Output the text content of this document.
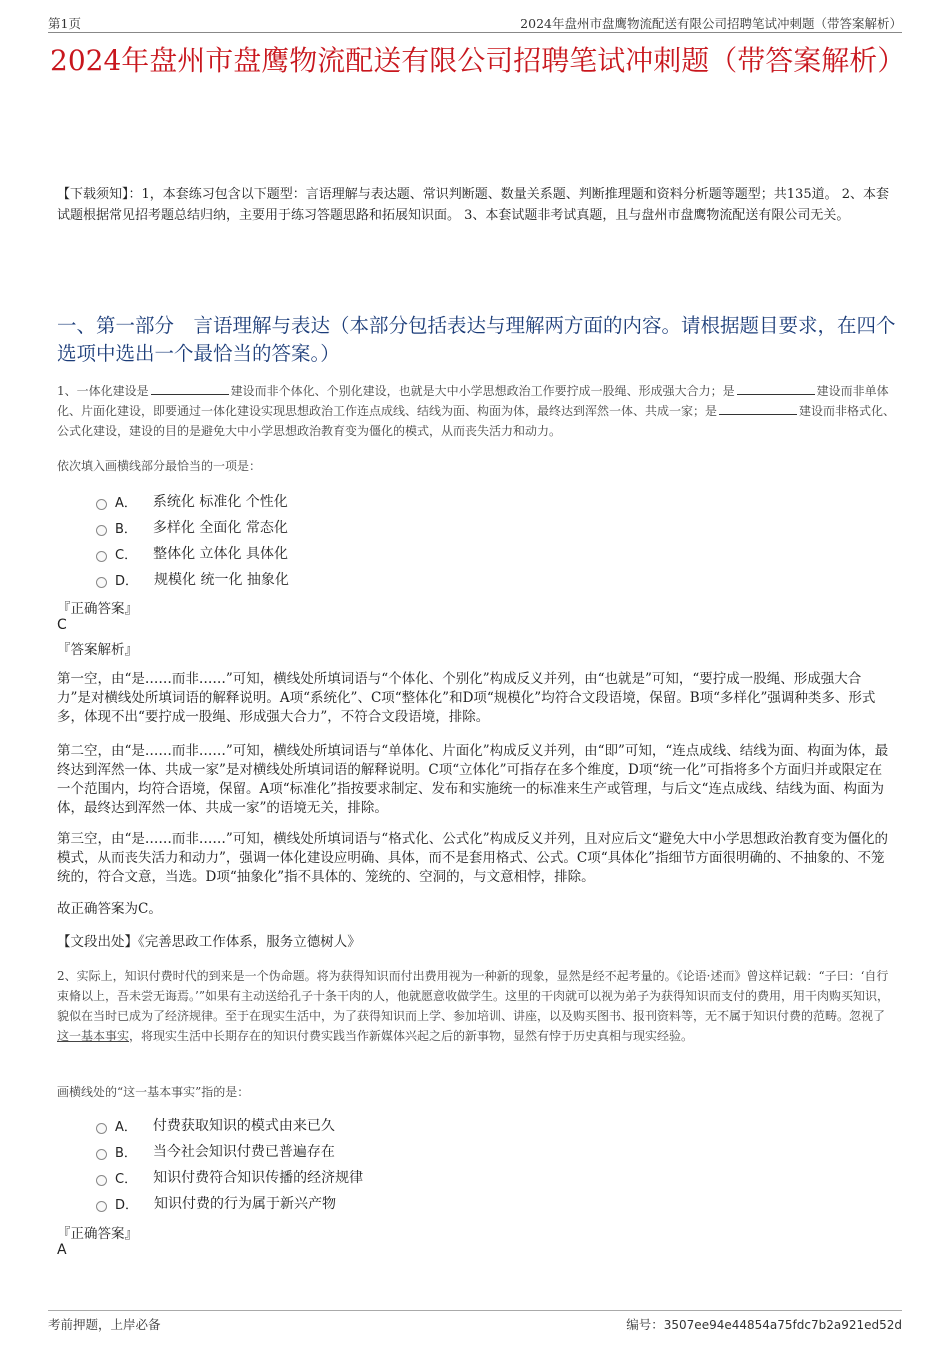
第1页	2024年盘州市盘鹰物流配送有限公司招聘笔试冲刺题（带答案解析）
2024年盘州市盘鹰物流配送有限公司招聘笔试冲刺题（带答案解析）
【下载须知】：1，本套练习包含以下题型：言语理解与表达题、常识判断题、数量关系题、判断推理题和资料分析题等题型；共135道。 2、本套试题根据常见招考题总结归纳，主要用于练习答题思路和拓展知识面。 3、本套试题非考试真题，且与盘州市盘鹰物流配送有限公司无关。
一、第一部分　言语理解与表达（本部分包括表达与理解两方面的内容。请根据题目要求，在四个选项中选出一个最恰当的答案。）
1、一体化建设是	建设而非个体化、个别化建设，也就是大中小学思想政治工作要拧成一股绳、形成强大合力；是	建设而非单体化、片面化建设，即要通过一体化建设实现思想政治工作连点成线、结线为面、构面为体，最终达到浑然一体、共成一家；是	建设而非格式化、公式化建设，建设的目的是避免大中小学思想政治教育变为僵化的模式，从而丧失活力和动力。
依次填入画横线部分最恰当的一项是：
A． 系统化 标准化 个性化
B． 多样化 全面化 常态化
C． 整体化 立体化 具体化
D． 规模化 统一化 抽象化
『正确答案』
C
『答案解析』
第一空，由“是……而非……”可知，横线处所填词语与“个体化、个别化”构成反义并列，由“也就是”可知，“要拧成一股绳、形成强大合力”是对横线处所填词语的解释说明。A项“系统化”、C项“整体化”和D项“规模化”均符合文段语境，保留。B项“多样化”强调种类多、形式多，体现不出“要拧成一股绳、形成强大合力”，不符合文段语境，排除。
第二空，由“是……而非……”可知，横线处所填词语与“单体化、片面化”构成反义并列，由“即”可知，“连点成线、结线为面、构面为体，最终达到浑然一体、共成一家”是对横线处所填词语的解释说明。C项“立体化”可指存在多个维度，D项“统一化”可指将多个方面归并或限定在一个范围内，均符合语境，保留。A项“标准化”指按要求制定、发布和实施统一的标准来生产或管理，与后文“连点成线、结线为面、构面为体，最终达到浑然一体、共成一家”的语境无关，排除。
第三空，由“是……而非……”可知，横线处所填词语与“格式化、公式化”构成反义并列，且对应后文“避免大中小学思想政治教育变为僵化的模式，从而丧失活力和动力”，强调一体化建设应明确、具体，而不是套用格式、公式。C项“具体化”指细节方面很明确的、不抽象的、不笼统的，符合文意，当选。D项“抽象化”指不具体的、笼统的、空洞的，与文意相悖，排除。
故正确答案为C。
【文段出处】《完善思政工作体系，服务立德树人》
2、实际上，知识付费时代的到来是一个伪命题。将为获得知识而付出费用视为一种新的现象，显然是经不起考量的。《论语·述而》曾这样记载：“子曰：‘自行束脩以上，吾未尝无诲焉。’”如果有主动送给孔子十条干肉的人，他就愿意收做学生。这里的干肉就可以视为弟子为获得知识而支付的费用，用干肉购买知识，貌似在当时已成为了经济规律。至于在现实生活中，为了获得知识而上学、参加培训、讲座，以及购买图书、报刊资料等，无不属于知识付费的范畴。忽视了这一基本事实，将现实生活中长期存在的知识付费实践当作新媒体兴起之后的新事物，显然有悖于历史真相与现实经验。
画横线处的“这一基本事实”指的是：
A． 付费获取知识的模式由来已久
B． 当今社会知识付费已普遍存在
C． 知识付费符合知识传播的经济规律
D． 知识付费的行为属于新兴产物
『正确答案』
A
考前押题，上岸必备	编号：3507ee94e44854a75fdc7b2a921ed52d
